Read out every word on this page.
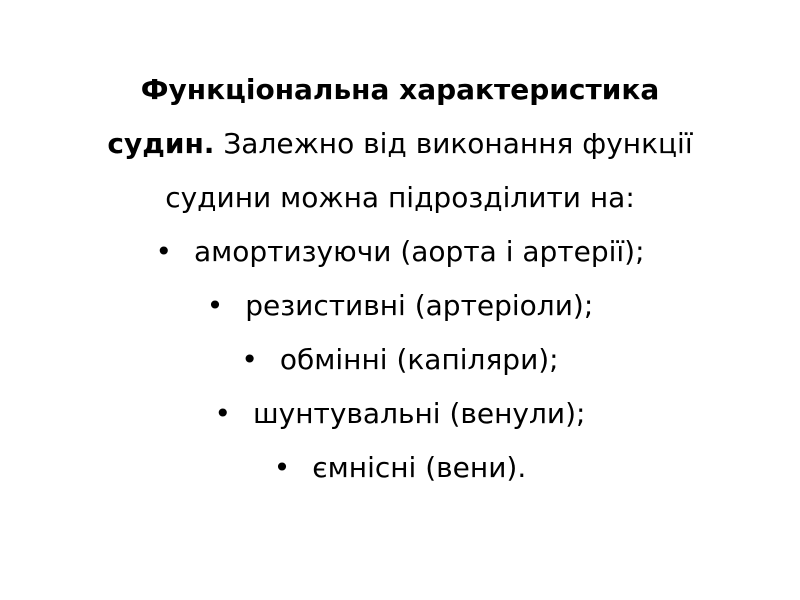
Функціональна характеристика
судин. Залежно від виконання функції
судини можна підрозділити на:
• амортизуючи (аорта і артерії);
• резистивні (артеріоли);
• обмінні (капіляри);
• шунтувальні (венули);
• ємнісні (вени).
